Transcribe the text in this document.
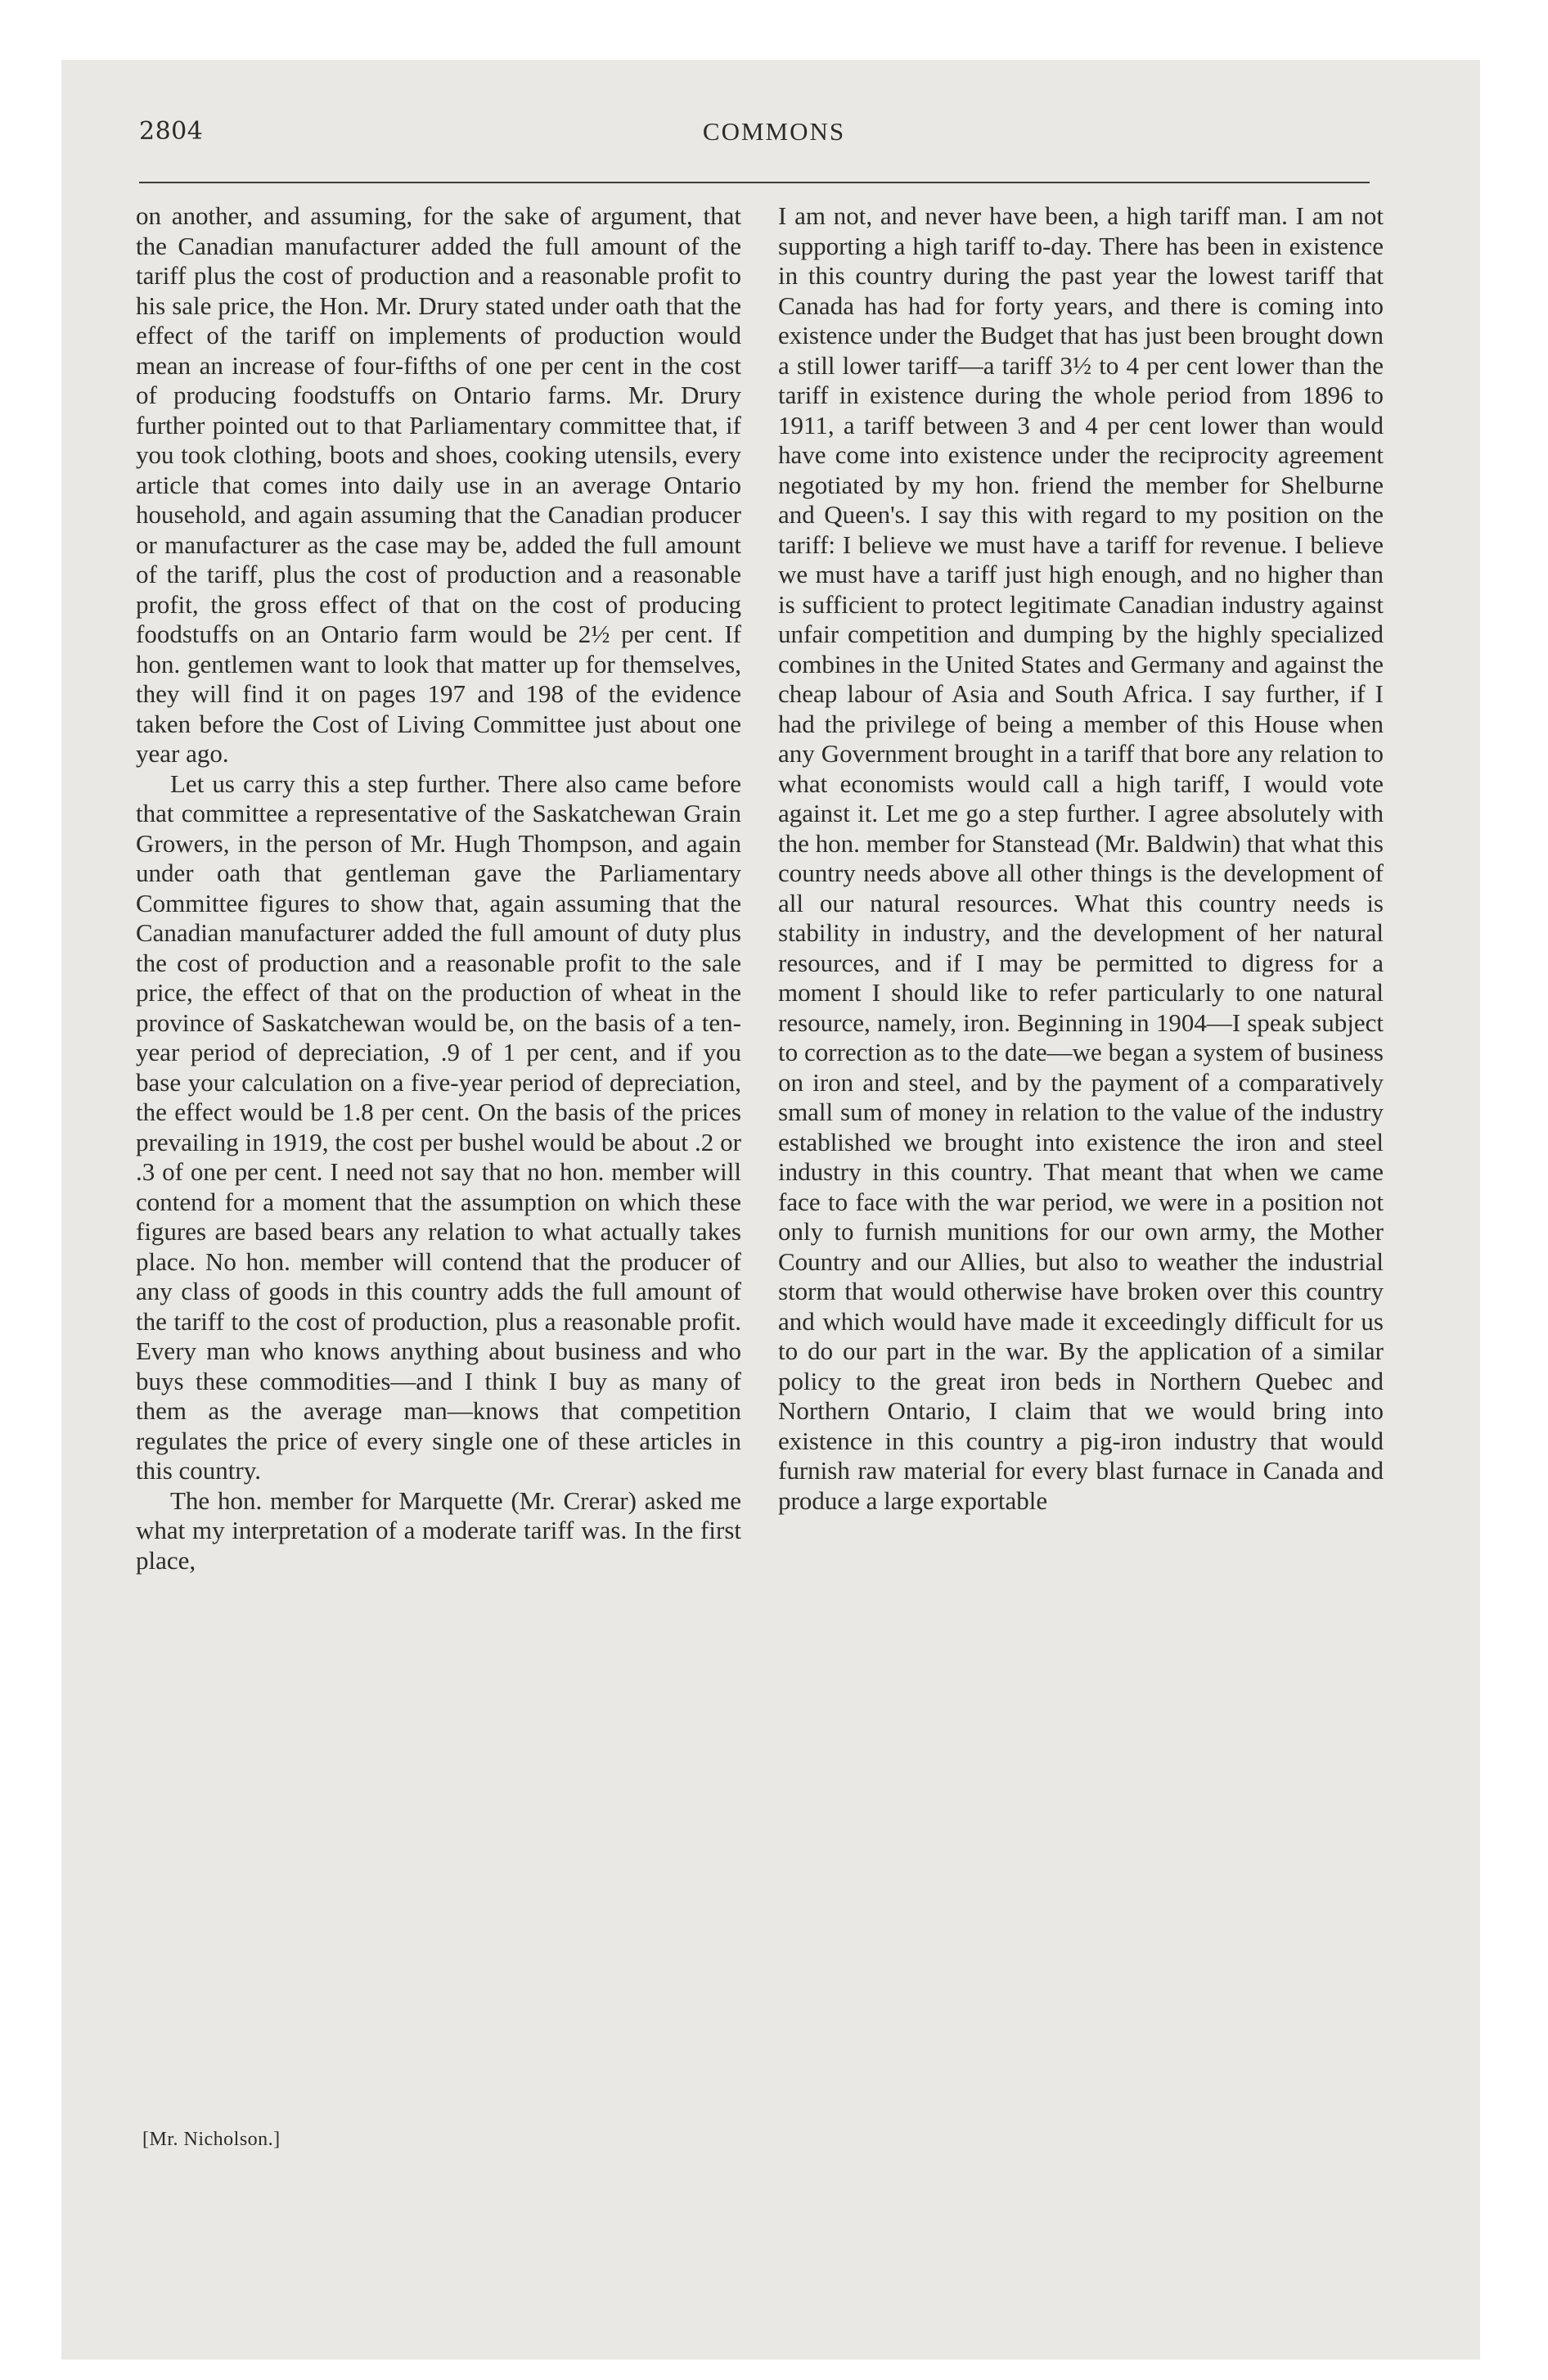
2804	COMMONS

on another, and assuming, for the sake of argument, that the Canadian manufacturer added the full amount of the tariff plus the cost of production and a reasonable profit to his sale price, the Hon. Mr. Drury stated under oath that the effect of the tariff on implements of production would mean an increase of four-fifths of one per cent in the cost of producing foodstuffs on Ontario farms. Mr. Drury further pointed out to that Parliamentary committee that, if you took clothing, boots and shoes, cooking utensils, every article that comes into daily use in an average Ontario household, and again assuming that the Canadian producer or manufacturer as the case may be, added the full amount of the tariff, plus the cost of production and a reasonable profit, the gross effect of that on the cost of producing foodstuffs on an Ontario farm would be 2½ per cent. If hon. gentlemen want to look that matter up for themselves, they will find it on pages 197 and 198 of the evidence taken before the Cost of Living Committee just about one year ago.

Let us carry this a step further. There also came before that committee a representative of the Saskatchewan Grain Growers, in the person of Mr. Hugh Thompson, and again under oath that gentleman gave the Parliamentary Committee figures to show that, again assuming that the Canadian manufacturer added the full amount of duty plus the cost of production and a reasonable profit to the sale price, the effect of that on the production of wheat in the province of Saskatchewan would be, on the basis of a ten-year period of depreciation, .9 of 1 per cent, and if you base your calculation on a five-year period of depreciation, the effect would be 1.8 per cent. On the basis of the prices prevailing in 1919, the cost per bushel would be about .2 or .3 of one per cent. I need not say that no hon. member will contend for a moment that the assumption on which these figures are based bears any relation to what actually takes place. No hon. member will contend that the producer of any class of goods in this country adds the full amount of the tariff to the cost of production, plus a reasonable profit. Every man who knows anything about business and who buys these commodities—and I think I buy as many of them as the average man—knows that competition regulates the price of every single one of these articles in this country.

The hon. member for Marquette (Mr. Crerar) asked me what my interpretation of a moderate tariff was. In the first place,

I am not, and never have been, a high tariff man. I am not supporting a high tariff to-day. There has been in existence in this country during the past year the lowest tariff that Canada has had for forty years, and there is coming into existence under the Budget that has just been brought down a still lower tariff—a tariff 3½ to 4 per cent lower than the tariff in existence during the whole period from 1896 to 1911, a tariff between 3 and 4 per cent lower than would have come into existence under the reciprocity agreement negotiated by my hon. friend the member for Shelburne and Queen's. I say this with regard to my position on the tariff: I believe we must have a tariff for revenue. I believe we must have a tariff just high enough, and no higher than is sufficient to protect legitimate Canadian industry against unfair competition and dumping by the highly specialized combines in the United States and Germany and against the cheap labour of Asia and South Africa. I say further, if I had the privilege of being a member of this House when any Government brought in a tariff that bore any relation to what economists would call a high tariff, I would vote against it. Let me go a step further. I agree absolutely with the hon. member for Stanstead (Mr. Baldwin) that what this country needs above all other things is the development of all our natural resources. What this country needs is stability in industry, and the development of her natural resources, and if I may be permitted to digress for a moment I should like to refer particularly to one natural resource, namely, iron. Beginning in 1904—I speak subject to correction as to the date—we began a system of business on iron and steel, and by the payment of a comparatively small sum of money in relation to the value of the industry established we brought into existence the iron and steel industry in this country. That meant that when we came face to face with the war period, we were in a position not only to furnish munitions for our own army, the Mother Country and our Allies, but also to weather the industrial storm that would otherwise have broken over this country and which would have made it exceedingly difficult for us to do our part in the war. By the application of a similar policy to the great iron beds in Northern Quebec and Northern Ontario, I claim that we would bring into existence in this country a pig-iron industry that would furnish raw material for every blast furnace in Canada and produce a large exportable

[Mr. Nicholson.]
